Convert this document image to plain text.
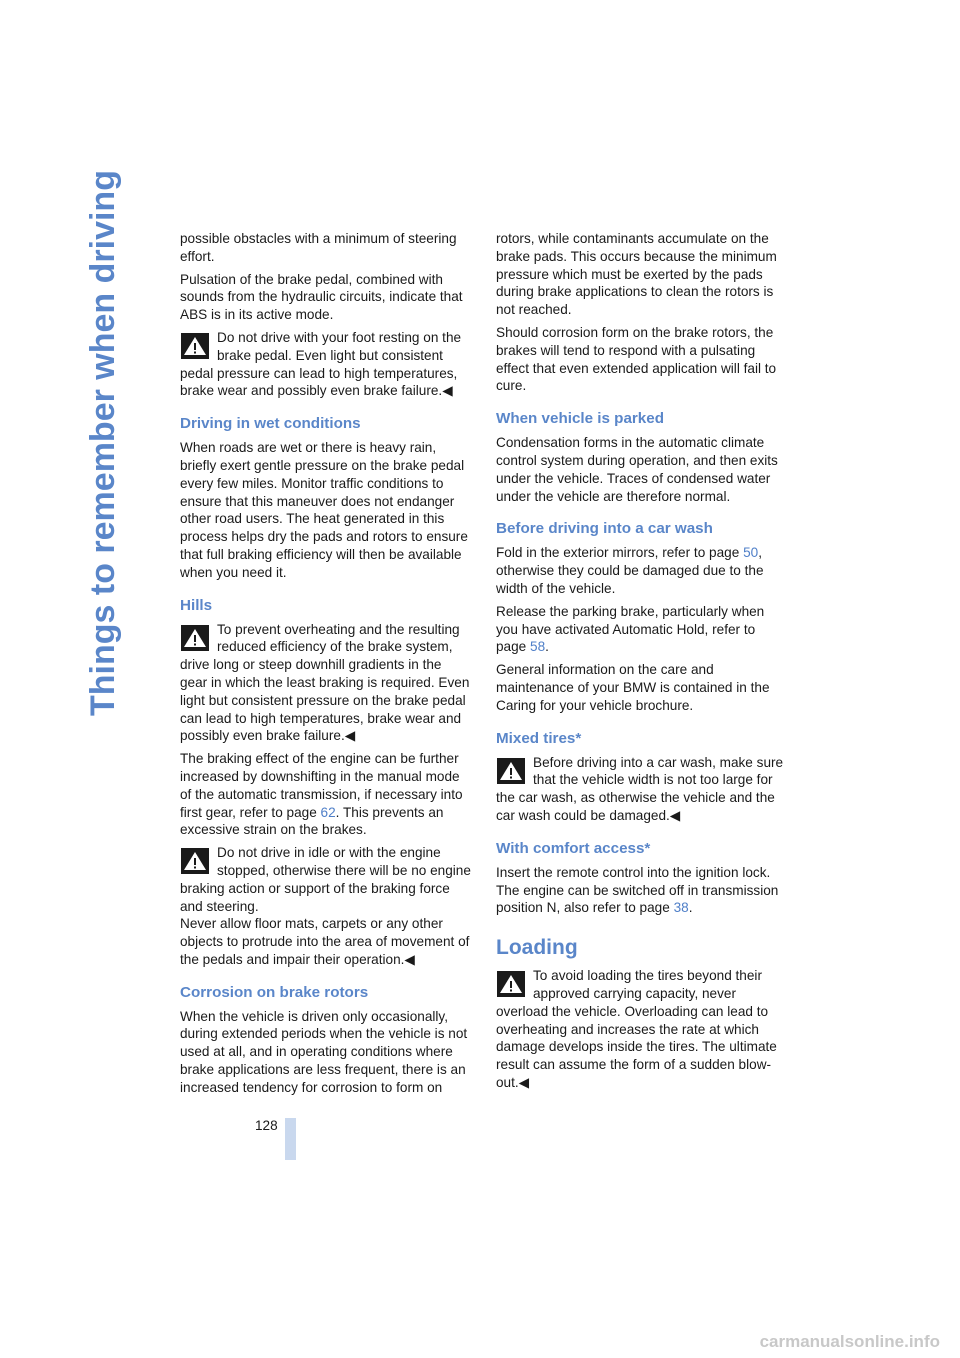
Things to remember when driving	possible obstacles with a minimum of steering effort.

Pulsation of the brake pedal, combined with sounds from the hydraulic circuits, indicate that ABS is in its active mode.

Do not drive with your foot resting on the brake pedal. Even light but consistent pedal pressure can lead to high temperatures, brake wear and possibly even brake failure.◀
Driving in wet conditions

When roads are wet or there is heavy rain, briefly exert gentle pressure on the brake pedal every few miles. Monitor traffic conditions to ensure that this maneuver does not endanger other road users. The heat generated in this process helps dry the pads and rotors to ensure that full braking efficiency will then be available when you need it.

Hills
To prevent overheating and the resulting reduced efficiency of the brake system, drive long or steep downhill gradients in the gear in which the least braking is required. Even light but consistent pressure on the brake pedal can lead to high temperatures, brake wear and possibly even brake failure.◀

The braking effect of the engine can be further increased by downshifting in the manual mode of the automatic transmission, if necessary into first gear, refer to page 62. This prevents an excessive strain on the brakes.

Do not drive in idle or with the engine stopped, otherwise there will be no engine braking action or support of the braking force and steering.
Never allow floor mats, carpets or any other objects to protrude into the area of movement of the pedals and impair their operation.◀
Corrosion on brake rotors

When the vehicle is driven only occasionally, during extended periods when the vehicle is not used at all, and in operating conditions where brake applications are less frequent, there is an increased tendency for corrosion to form on

rotors, while contaminants accumulate on the brake pads. This occurs because the minimum pressure which must be exerted by the pads during brake applications to clean the rotors is not reached.

Should corrosion form on the brake rotors, the brakes will tend to respond with a pulsating effect that even extended application will fail to cure.

When vehicle is parked

Condensation forms in the automatic climate control system during operation, and then exits under the vehicle. Traces of condensed water under the vehicle are therefore normal.

Before driving into a car wash

Fold in the exterior mirrors, refer to page 50, otherwise they could be damaged due to the width of the vehicle.

Release the parking brake, particularly when you have activated Automatic Hold, refer to page 58.

General information on the care and maintenance of your BMW is contained in the Caring for your vehicle brochure.

Mixed tires*
Before driving into a car wash, make sure that the vehicle width is not too large for the car wash, as otherwise the vehicle and the car wash could be damaged.◀
With comfort access*

Insert the remote control into the ignition lock. The engine can be switched off in transmission position N, also refer to page 38.

Loading
To avoid loading the tires beyond their approved carrying capacity, never overload the vehicle. Overloading can lead to overheating and increases the rate at which damage develops inside the tires. The ultimate result can assume the form of a sudden blow-out.◀
128
carmanualsonline.info
